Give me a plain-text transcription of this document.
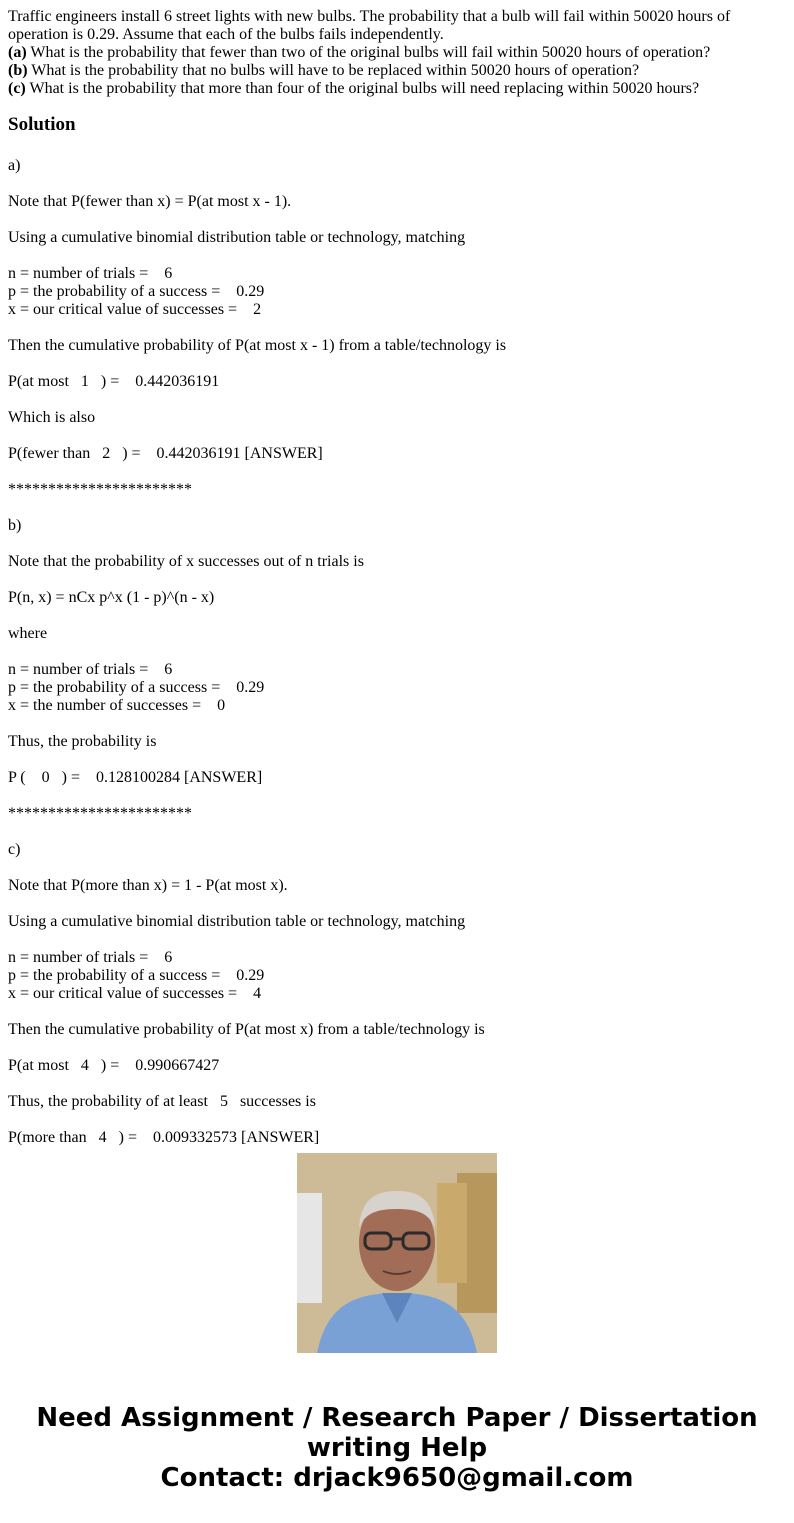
Traffic engineers install 6 street lights with new bulbs. The probability that a bulb will fail within 50020 hours of operation is 0.29. Assume that each of the bulbs fails independently.

(a) What is the probability that fewer than two of the original bulbs will fail within 50020 hours of operation?

(b) What is the probability that no bulbs will have to be replaced within 50020 hours of operation?

(c) What is the probability that more than four of the original bulbs will need replacing within 50020 hours?

Solution

a)

Note that P(fewer than x) = P(at most x - 1).

Using a cumulative binomial distribution table or technology, matching

n = number of trials =    6

p = the probability of a success =    0.29

x = our critical value of successes =    2

Then the cumulative probability of P(at most x - 1) from a table/technology is

P(at most   1   ) =    0.442036191

Which is also

P(fewer than   2   ) =    0.442036191 [ANSWER]

***********************

b)

Note that the probability of x successes out of n trials is

P(n, x) = nCx p^x (1 - p)^(n - x)

where

n = number of trials =    6

p = the probability of a success =    0.29

x = the number of successes =    0

Thus, the probability is

P (    0   ) =    0.128100284 [ANSWER]

***********************

c)

Note that P(more than x) = 1 - P(at most x).

Using a cumulative binomial distribution table or technology, matching

n = number of trials =    6

p = the probability of a success =    0.29

x = our critical value of successes =    4

Then the cumulative probability of P(at most x) from a table/technology is

P(at most   4   ) =    0.990667427

Thus, the probability of at least   5   successes is

P(more than   4   ) =    0.009332573 [ANSWER]

Need Assignment / Research Paper / Dissertation

writing Help

Contact: drjack9650@gmail.com
